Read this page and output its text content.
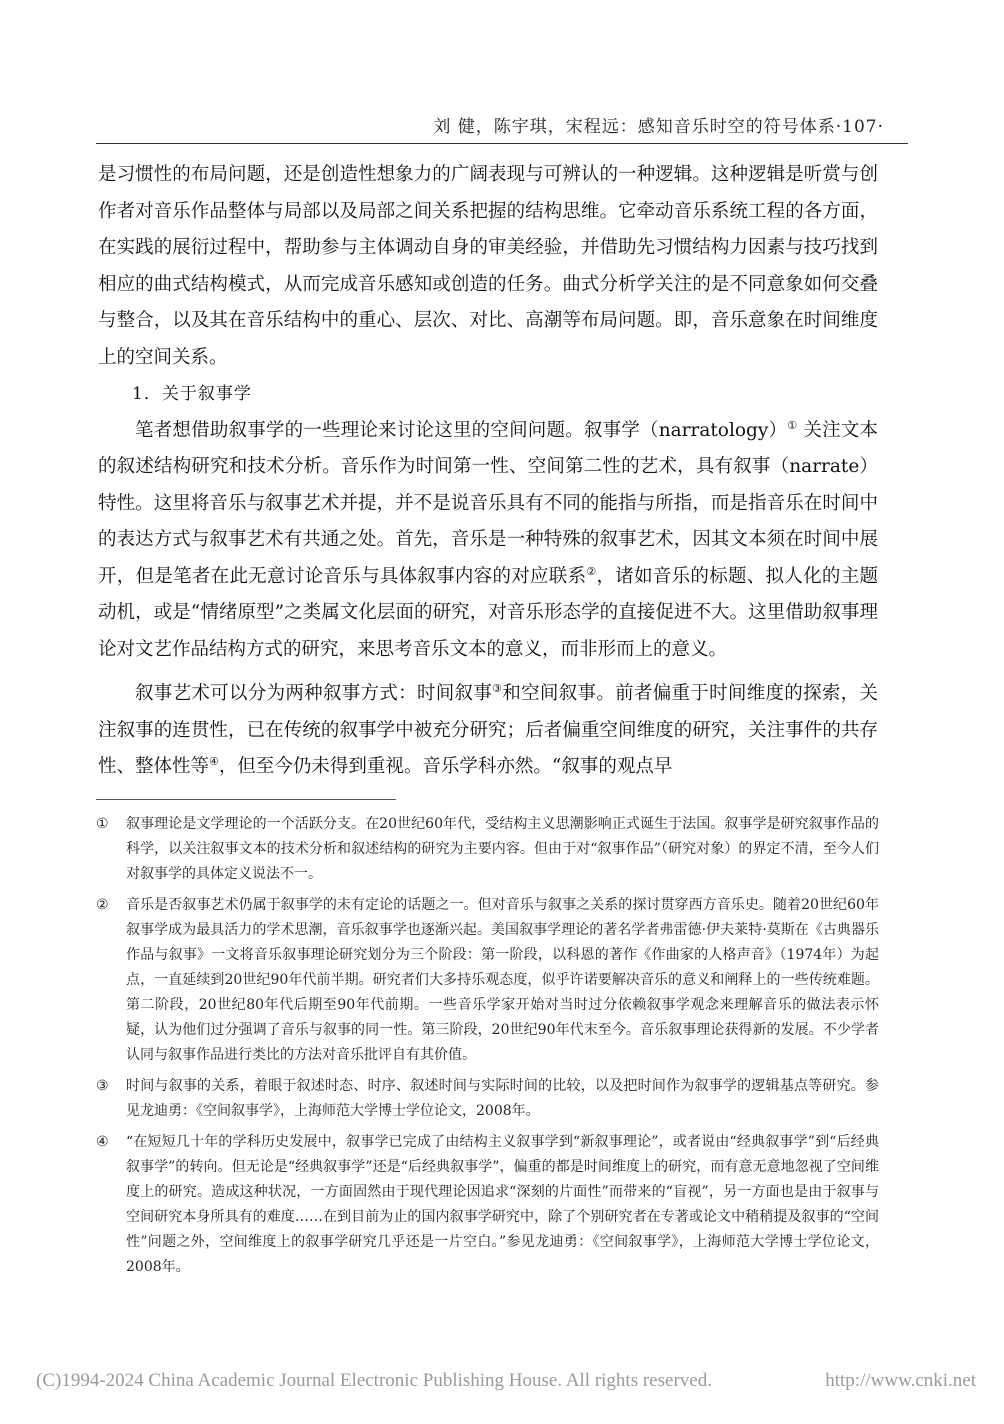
刘 健，陈宇琪，宋程远：感知音乐时空的符号体系·107·

是习惯性的布局问题，还是创造性想象力的广阔表现与可辨认的一种逻辑。这种逻辑是听赏与创作者对音乐作品整体与局部以及局部之间关系把握的结构思维。它牵动音乐系统工程的各方面，在实践的展衍过程中，帮助参与主体调动自身的审美经验，并借助先习惯结构力因素与技巧找到相应的曲式结构模式，从而完成音乐感知或创造的任务。曲式分析学关注的是不同意象如何交叠与整合，以及其在音乐结构中的重心、层次、对比、高潮等布局问题。即，音乐意象在时间维度上的空间关系。

1．关于叙事学

笔者想借助叙事学的一些理论来讨论这里的空间问题。叙事学（narratology）① 关注文本的叙述结构研究和技术分析。音乐作为时间第一性、空间第二性的艺术，具有叙事（narrate）特性。这里将音乐与叙事艺术并提，并不是说音乐具有不同的能指与所指，而是指音乐在时间中的表达方式与叙事艺术有共通之处。首先，音乐是一种特殊的叙事艺术，因其文本须在时间中展开，但是笔者在此无意讨论音乐与具体叙事内容的对应联系②，诸如音乐的标题、拟人化的主题动机，或是“情绪原型”之类属文化层面的研究，对音乐形态学的直接促进不大。这里借助叙事理论对文艺作品结构方式的研究，来思考音乐文本的意义，而非形而上的意义。

叙事艺术可以分为两种叙事方式：时间叙事③和空间叙事。前者偏重于时间维度的探索，关注叙事的连贯性，已在传统的叙事学中被充分研究；后者偏重空间维度的研究，关注事件的共存性、整体性等④，但至今仍未得到重视。音乐学科亦然。“叙事的观点早

①	叙事理论是文学理论的一个活跃分支。在20世纪60年代，受结构主义思潮影响正式诞生于法国。叙事学是研究叙事作品的科学，以关注叙事文本的技术分析和叙述结构的研究为主要内容。但由于对“叙事作品”（研究对象）的界定不清，至今人们对叙事学的具体定义说法不一。
②	音乐是否叙事艺术仍属于叙事学的未有定论的话题之一。但对音乐与叙事之关系的探讨贯穿西方音乐史。随着20世纪60年叙事学成为最具活力的学术思潮，音乐叙事学也逐渐兴起。美国叙事学理论的著名学者弗雷德·伊夫莱特·莫斯在《古典器乐作品与叙事》一文将音乐叙事理论研究划分为三个阶段：第一阶段，以科恩的著作《作曲家的人格声音》（1974年）为起点，一直延续到20世纪90年代前半期。研究者们大多持乐观态度，似乎许诺要解决音乐的意义和阐释上的一些传统难题。第二阶段，20世纪80年代后期至90年代前期。一些音乐学家开始对当时过分依赖叙事学观念来理解音乐的做法表示怀疑，认为他们过分强调了音乐与叙事的同一性。第三阶段，20世纪90年代末至今。音乐叙事理论获得新的发展。不少学者认同与叙事作品进行类比的方法对音乐批评自有其价值。
③	时间与叙事的关系，着眼于叙述时态、时序、叙述时间与实际时间的比较，以及把时间作为叙事学的逻辑基点等研究。参见龙迪勇：《空间叙事学》，上海师范大学博士学位论文，2008年。
④	“在短短几十年的学科历史发展中，叙事学已完成了由结构主义叙事学到“新叙事理论”，或者说由“经典叙事学”到“后经典叙事学”的转向。但无论是“经典叙事学”还是“后经典叙事学”，偏重的都是时间维度上的研究，而有意无意地忽视了空间维度上的研究。造成这种状况，一方面固然由于现代理论因追求“深刻的片面性”而带来的“盲视”，另一方面也是由于叙事与空间研究本身所具有的难度……在到目前为止的国内叙事学研究中，除了个别研究者在专著或论文中稍稍提及叙事的“空间性”问题之外，空间维度上的叙事学研究几乎还是一片空白。”参见龙迪勇：《空间叙事学》，上海师范大学博士学位论文，2008年。
(C)1994-2024 China Academic Journal Electronic Publishing House. All rights reserved.	http://www.cnki.net
